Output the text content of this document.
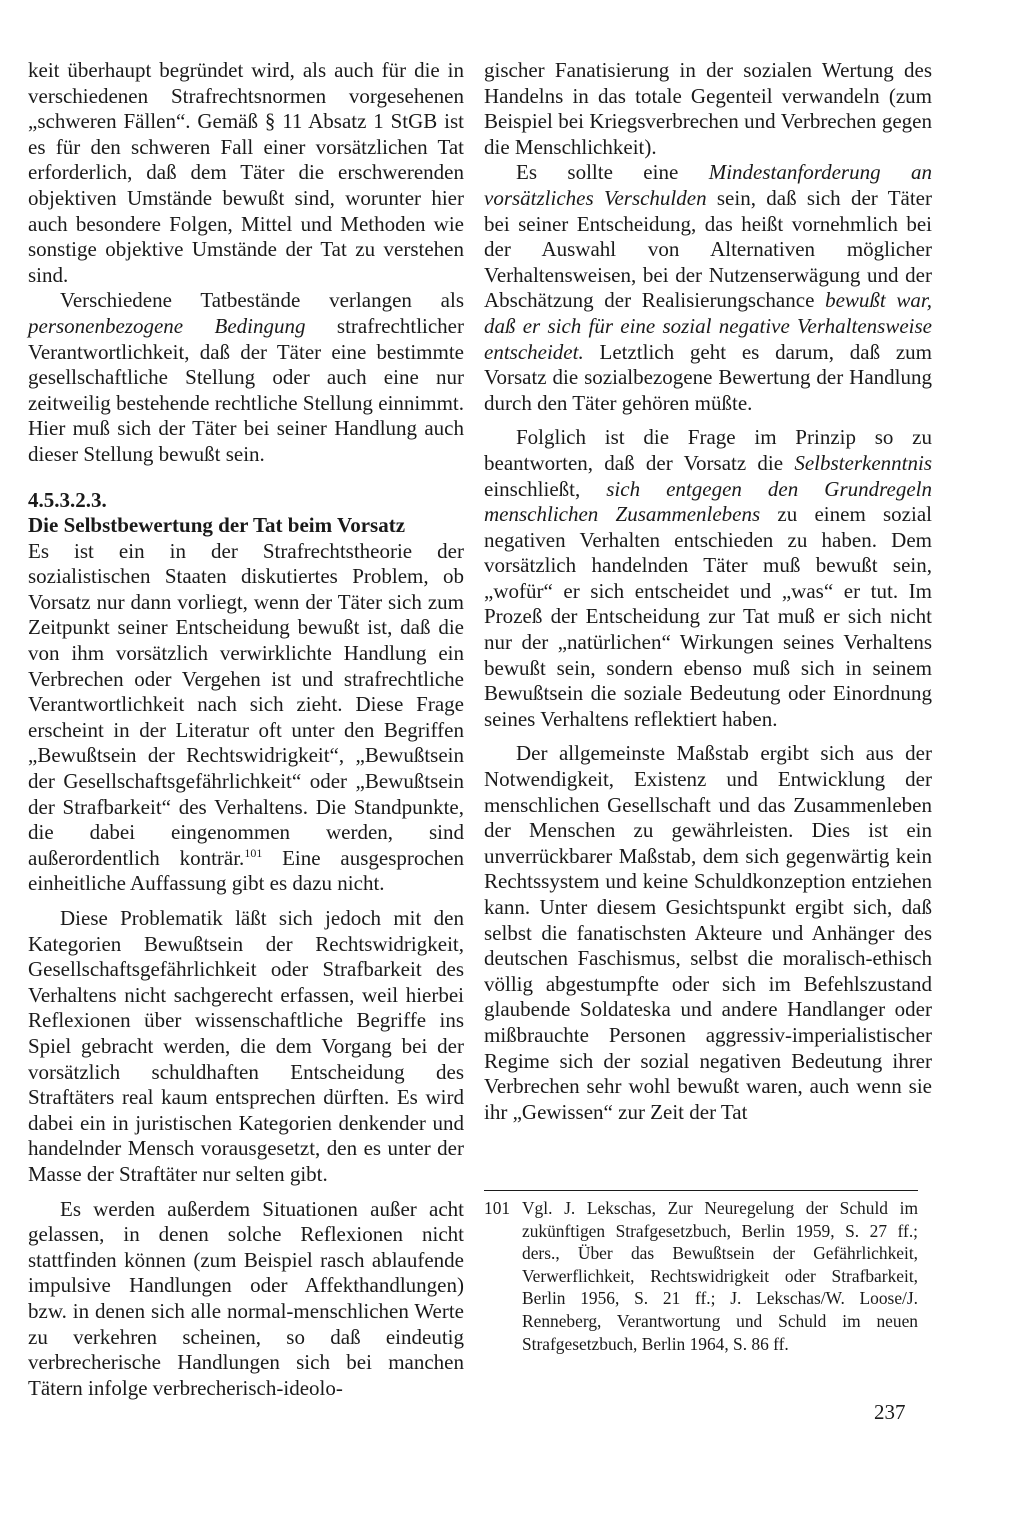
keit überhaupt begründet wird, als auch für die in verschiedenen Strafrechtsnormen vorgesehenen „schweren Fällen“. Gemäß § 11 Absatz 1 StGB ist es für den schweren Fall einer vorsätzlichen Tat erforderlich, daß dem Täter die erschwerenden objektiven Umstände bewußt sind, worunter hier auch besondere Folgen, Mittel und Methoden wie sonstige objektive Umstände der Tat zu verstehen sind.

Verschiedene Tatbestände verlangen als personenbezogene Bedingung strafrechtlicher Verantwortlichkeit, daß der Täter eine bestimmte gesellschaftliche Stellung oder auch eine nur zeitweilig bestehende rechtliche Stellung einnimmt. Hier muß sich der Täter bei seiner Handlung auch dieser Stellung bewußt sein.

4.5.3.2.3.
Die Selbstbewertung der Tat beim Vorsatz

Es ist ein in der Strafrechtstheorie der sozialistischen Staaten diskutiertes Problem, ob Vorsatz nur dann vorliegt, wenn der Täter sich zum Zeitpunkt seiner Entscheidung bewußt ist, daß die von ihm vorsätzlich verwirklichte Handlung ein Verbrechen oder Vergehen ist und strafrechtliche Verantwortlichkeit nach sich zieht. Diese Frage erscheint in der Literatur oft unter den Begriffen „Bewußtsein der Rechtswidrigkeit“, „Bewußtsein der Gesellschaftsgefährlichkeit“ oder „Bewußtsein der Strafbarkeit“ des Verhaltens. Die Standpunkte, die dabei eingenommen werden, sind außerordentlich konträr.$^{101}$ Eine ausgesprochen einheitliche Auffassung gibt es dazu nicht.

Diese Problematik läßt sich jedoch mit den Kategorien Bewußtsein der Rechtswidrigkeit, Gesellschaftsgefährlichkeit oder Strafbarkeit des Verhaltens nicht sachgerecht erfassen, weil hierbei Reflexionen über wissenschaftliche Begriffe ins Spiel gebracht werden, die dem Vorgang bei der vorsätzlich schuldhaften Entscheidung des Straftäters real kaum entsprechen dürften. Es wird dabei ein in juristischen Kategorien denkender und handelnder Mensch vorausgesetzt, den es unter der Masse der Straftäter nur selten gibt.

Es werden außerdem Situationen außer acht gelassen, in denen solche Reflexionen nicht stattfinden können (zum Beispiel rasch ablaufende impulsive Handlungen oder Affekthandlungen) bzw. in denen sich alle normal-menschlichen Werte zu verkehren scheinen, so daß eindeutig verbrecherische Handlungen sich bei manchen Tätern infolge verbrecherisch-ideolo-

gischer Fanatisierung in der sozialen Wertung des Handelns in das totale Gegenteil verwandeln (zum Beispiel bei Kriegsverbrechen und Verbrechen gegen die Menschlichkeit).

Es sollte eine Mindestanforderung an vorsätzliches Verschulden sein, daß sich der Täter bei seiner Entscheidung, das heißt vornehmlich bei der Auswahl von Alternativen möglicher Verhaltensweisen, bei der Nutzenserwägung und der Abschätzung der Realisierungschance bewußt war, daß er sich für eine sozial negative Verhaltensweise entscheidet. Letztlich geht es darum, daß zum Vorsatz die sozialbezogene Bewertung der Handlung durch den Täter gehören müßte.

Folglich ist die Frage im Prinzip so zu beantworten, daß der Vorsatz die Selbsterkenntnis einschließt, sich entgegen den Grundregeln menschlichen Zusammenlebens zu einem sozial negativen Verhalten entschieden zu haben. Dem vorsätzlich handelnden Täter muß bewußt sein, „wofür“ er sich entscheidet und „was“ er tut. Im Prozeß der Entscheidung zur Tat muß er sich nicht nur der „natürlichen“ Wirkungen seines Verhaltens bewußt sein, sondern ebenso muß sich in seinem Bewußtsein die soziale Bedeutung oder Einordnung seines Verhaltens reflektiert haben.

Der allgemeinste Maßstab ergibt sich aus der Notwendigkeit, Existenz und Entwicklung der menschlichen Gesellschaft und das Zusammenleben der Menschen zu gewährleisten. Dies ist ein unverrückbarer Maßstab, dem sich gegenwärtig kein Rechtssystem und keine Schuldkonzeption entziehen kann. Unter diesem Gesichtspunkt ergibt sich, daß selbst die fanatischsten Akteure und Anhänger des deutschen Faschismus, selbst die moralisch-ethisch völlig abgestumpfte oder sich im Befehlszustand glaubende Soldateska und andere Handlanger oder mißbrauchte Personen aggressiv-imperialistischer Regime sich der sozial negativen Bedeutung ihrer Verbrechen sehr wohl bewußt waren, auch wenn sie ihr „Gewissen“ zur Zeit der Tat

101 Vgl. J. Lekschas, Zur Neuregelung der Schuld im zukünftigen Strafgesetzbuch, Berlin 1959, S. 27 ff.; ders., Über das Bewußtsein der Gefährlichkeit, Verwerflichkeit, Rechtswidrigkeit oder Strafbarkeit, Berlin 1956, S. 21 ff.; J. Lekschas/W. Loose/J. Renneberg, Verantwortung und Schuld im neuen Strafgesetzbuch, Berlin 1964, S. 86 ff.
237
